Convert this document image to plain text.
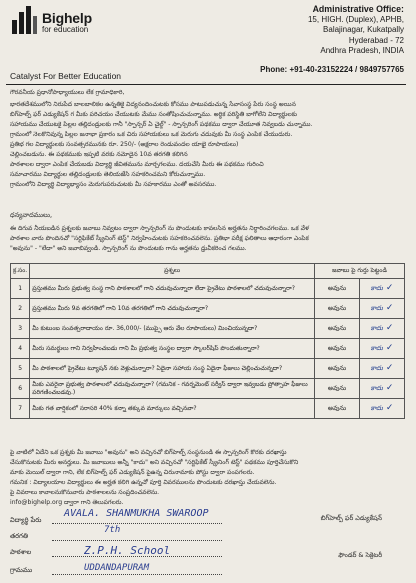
Bighelp
for education
Administrative Office:
15, HIGH. (Duplex), APHB,
Balajinagar, Kukatpally
Hyderabad - 72
Andhra Pradesh, INDIA
Phone: +91-40-23152224 / 9849757765
Catalyst For Better Education
గౌరవనీయ ప్రధానోపాధ్యాయులు లేక గ్రామాధికారి,
భారతదేశములోని నిరుపేద బాలబాలికల ఉన్నతికై విద్యనందించుటకు కోసము పాటుపడుచున్న సేవాసంస్థ పేరు సంస్థ అయిన
బిగ్‌హెల్ప్ ఫర్ ఎడ్యుకేషన్ గ మీకు పరిచయం చేయుటకు మేము సంతోషించుచున్నాము. అర్ధిక పరిస్థితి బాగోలేని విద్యార్థులకు
సహాయము చేయుటకై పిల్లల తల్లిదండ్రులకు గానీ "స్పాన్సర్ ఏ చైల్డ్" - స్పాన్సరింగ్ పథకము ద్వారా చేయూత నివ్వబడు చున్నాము.
గ్రామంలో నెలకొనివున్న పిల్లల జనాభా ప్రకారం ఒక చిరు సహాయకులు ఒక మెరుగు చదువుకు మీ సంస్థ ఎంపిక చేయుదురు.
ప్రతిభ గల విద్యార్థులకు సంవత్సరమునకు రూ. 250/- (అక్షరాల రెండువందల యాభై రూపాయలు)
చెల్లించబడును. ఈ పథకముకు ఇప్పటి వరకు నమోదైన 10వ తరగతి కలిగిన
పాఠశాలల ద్వారా ఎంపిక చేయబడు విద్యార్థి జీవితమును మార్చగలము. దయచేసి మీరు ఈ పథకము గురించి
సమాచారము విద్యార్థుల తల్లిదండ్రులకు తెలియజేసి సహకరించమని కోరుచున్నాము.
గ్రామంలోని విద్యార్థి విద్యాభ్యాసం మెరుగుపరుచుటకు మీ సహకారము ఎంతో అవసరము.
ధన్యవాదములు,
ఈ దిగువ నీయబడిన ప్రశ్నలకు జవాబు నివ్వటం ద్వారా స్పాన్సరింగ్ ను పొందుటకు కావలసిన అర్హతను నిర్ధారించగలము. ఒక వేళ
పాఠశాల వారు పొందినచో "సర్టిఫికేట్ స్క్రీనింగ్ టెస్ట్" నిర్వహించుటకు సహకరించవలెను. ప్రతిభా పరీక్ష ఫలితాలు ఆధారంగా ఎంపిక
"అవును" - "లేదా" అని జవాబివ్వండి. స్పాన్సరింగ్ ను పొందుటకు గాను అర్హతను ధ్రువీకరించ గలము.
క్ర.సం.	ప్రశ్నలు	జవాబు పై గుర్తు పెట్టండి	
1	ప్రస్తుతము మీరు ప్రభుత్వ సంస్థ గాని పాఠశాలలో గాని చదువుచున్నారా లేదా ప్రైవేటు పాఠశాలలో చదువుచున్నారా?	అవును	కాదు ✓
2	ప్రస్తుతము మీరు 9వ తరగతిలో గాని 10వ తరగతిలో గాని చదువుచున్నారా?	అవును	కాదు ✓
3	మీ కుటుంబ సంవత్సరాదాయం రూ. 36,000/- (ముప్పై ఆరు వేల రూపాయలు) మించియున్నదా?	అవును	కాదు ✓
4	మీరు సమర్థులు గాని నిర్వహించబడు గాని మీ ప్రభుత్వ సంస్థల ద్వారా స్కాలర్‌షిప్ పొందుతున్నారా?	అవును	కాదు ✓
5	మీ పాఠశాలలో ప్రైవేటు ట్యూషన్ నకు వెళ్లుచున్నారా? ఏదైనా సహాయ సంస్థ ఏదైనా ఫీజులు చెల్లించుచున్నదా?	అవును	కాదు ✓
6	మీకు ఎవరైనా ప్రభుత్వ పాఠశాలలో చదువుచున్నారా? (గమనిక - గవర్నమెంట్ సర్వీస్ ద్వారా ఇవ్వబడు ప్రోత్సాహ ఫీజులు పరిగణించబడవు.)	అవును	కాదు ✓
7	మీకు గత వార్షికంలో సరాసరి 40% కన్నా తక్కువ మార్కులు వచ్చినవా?	అవును	కాదు ✓
పై వాటిలో ఏదేని ఒక ప్రశ్నకు మీ జవాబు "అవును" అని వచ్చినచో బిగ్‌హెల్ప్ సంస్థనుండి ఈ స్పాన్సరింగ్ కొరకు దరఖాస్తు
చేసుకొనుటకు మీరు అనర్హులు. మీ జవాబులు అన్నీ "కాదు" అని వచ్చినచో "సర్టిఫికేట్ స్క్రీనింగ్ టెస్ట్" పథకము పూర్తిచేసుకొని
మాకు మెయిల్ ద్వారా గాని, లేక బిగ్‌హెల్ప్ ఫర్ ఎడ్యుకేషన్ పైఉన్న చిరునామాకు పోస్టు ద్వారా పంపగలరు.
గమనిక : విద్యాలయాల విద్యార్థులు ఈ అర్హత కలిగి ఉన్నచో పూర్తి వివరములను పొందుటకు దరఖాస్తు చేయవలెను.
పై వివరాలు కావాలనుకొనువారు పాఠశాలలను సంప్రదించవలెను.
info@bighelp.org ద్వారా గాని తెలుపగలరు.
విద్యార్థి పేరు
AVALA. SHANMUKHA SWAROOP
తరగతి
7th
పాఠశాల	Z.P.H. School
గ్రామము	UDDANDAPURAM
బిగ్‌హెల్ప్ ఫర్ ఎడ్యుకేషన్
ఫౌండర్ & సెక్రెటరీ
